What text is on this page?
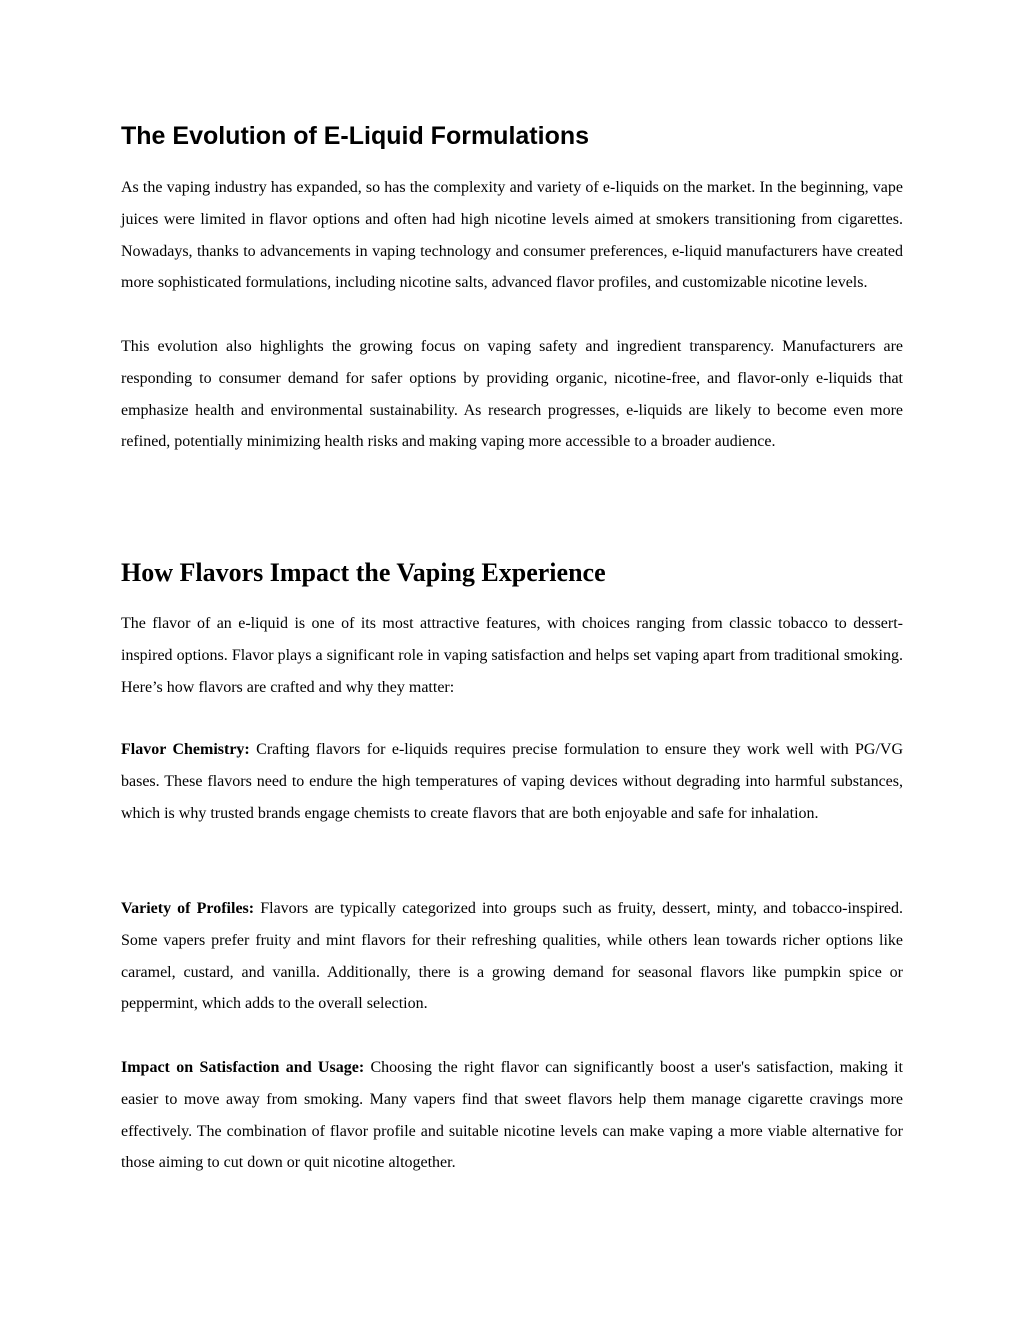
The Evolution of E-Liquid Formulations

As the vaping industry has expanded, so has the complexity and variety of e-liquids on the market. In the beginning, vape juices were limited in flavor options and often had high nicotine levels aimed at smokers transitioning from cigarettes. Nowadays, thanks to advancements in vaping technology and consumer preferences, e-liquid manufacturers have created more sophisticated formulations, including nicotine salts, advanced flavor profiles, and customizable nicotine levels.

This evolution also highlights the growing focus on vaping safety and ingredient transparency. Manufacturers are responding to consumer demand for safer options by providing organic, nicotine-free, and flavor-only e-liquids that emphasize health and environmental sustainability. As research progresses, e-liquids are likely to become even more refined, potentially minimizing health risks and making vaping more accessible to a broader audience.

How Flavors Impact the Vaping Experience

The flavor of an e-liquid is one of its most attractive features, with choices ranging from classic tobacco to dessert-inspired options. Flavor plays a significant role in vaping satisfaction and helps set vaping apart from traditional smoking. Here’s how flavors are crafted and why they matter:

Flavor Chemistry: Crafting flavors for e-liquids requires precise formulation to ensure they work well with PG/VG bases. These flavors need to endure the high temperatures of vaping devices without degrading into harmful substances, which is why trusted brands engage chemists to create flavors that are both enjoyable and safe for inhalation.

Variety of Profiles: Flavors are typically categorized into groups such as fruity, dessert, minty, and tobacco-inspired. Some vapers prefer fruity and mint flavors for their refreshing qualities, while others lean towards richer options like caramel, custard, and vanilla. Additionally, there is a growing demand for seasonal flavors like pumpkin spice or peppermint, which adds to the overall selection.

Impact on Satisfaction and Usage: Choosing the right flavor can significantly boost a user's satisfaction, making it easier to move away from smoking. Many vapers find that sweet flavors help them manage cigarette cravings more effectively. The combination of flavor profile and suitable nicotine levels can make vaping a more viable alternative for those aiming to cut down or quit nicotine altogether.
